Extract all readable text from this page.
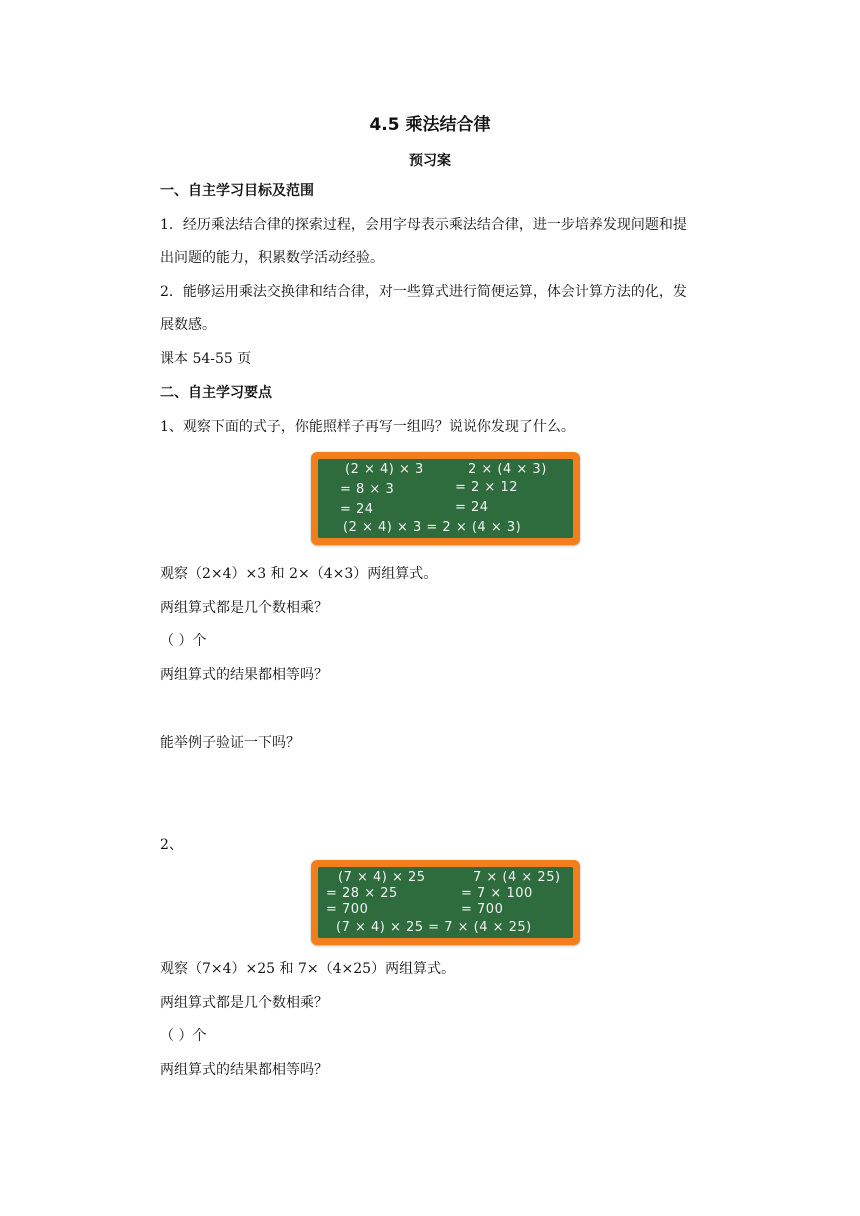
4.5 乘法结合律
预习案
一、自主学习目标及范围
1．经历乘法结合律的探索过程，会用字母表示乘法结合律，进一步培养发现问题和提
出问题的能力，积累数学活动经验。
2．能够运用乘法交换律和结合律，对一些算式进行简便运算，体会计算方法的化，发
展数感。
课本 54-55 页
二、自主学习要点
1、观察下面的式子，你能照样子再写一组吗？说说你发现了什么。
(2 × 4) × 3
= 8 × 3
= 24
2 × (4 × 3)
= 2 × 12
= 24
(2 × 4) × 3 = 2 × (4 × 3)
观察（2×4）×3 和 2×（4×3）两组算式。
两组算式都是几个数相乘？
（ ）个
两组算式的结果都相等吗？
能举例子验证一下吗？
2、
(7 × 4) × 25
= 28 × 25
= 700
7 × (4 × 25)
= 7 × 100
= 700
(7 × 4) × 25 = 7 × (4 × 25)
观察（7×4）×25 和 7×（4×25）两组算式。
两组算式都是几个数相乘？
（ ）个
两组算式的结果都相等吗？
